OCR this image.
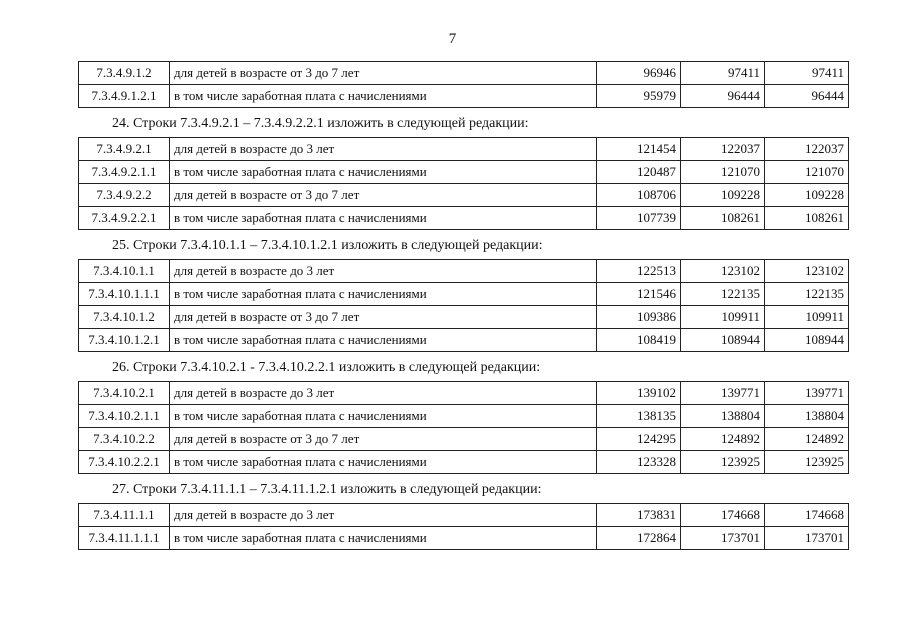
7
7.3.4.9.1.2	для детей в возрасте от 3 до 7 лет	96946	97411	97411
7.3.4.9.1.2.1	в том числе заработная плата с начислениями	95979	96444	96444
24. Строки 7.3.4.9.2.1 – 7.3.4.9.2.2.1 изложить в следующей редакции:
7.3.4.9.2.1	для детей в возрасте до 3 лет	121454	122037	122037
7.3.4.9.2.1.1	в том числе заработная плата с начислениями	120487	121070	121070
7.3.4.9.2.2	для детей в возрасте от 3 до 7 лет	108706	109228	109228
7.3.4.9.2.2.1	в том числе заработная плата с начислениями	107739	108261	108261
25. Строки 7.3.4.10.1.1 – 7.3.4.10.1.2.1 изложить в следующей редакции:
7.3.4.10.1.1	для детей в возрасте до 3 лет	122513	123102	123102
7.3.4.10.1.1.1	в том числе заработная плата с начислениями	121546	122135	122135
7.3.4.10.1.2	для детей в возрасте от 3 до 7 лет	109386	109911	109911
7.3.4.10.1.2.1	в том числе заработная плата с начислениями	108419	108944	108944
26. Строки 7.3.4.10.2.1 - 7.3.4.10.2.2.1 изложить в следующей редакции:
7.3.4.10.2.1	для детей в возрасте до 3 лет	139102	139771	139771
7.3.4.10.2.1.1	в том числе заработная плата с начислениями	138135	138804	138804
7.3.4.10.2.2	для детей в возрасте от 3 до 7 лет	124295	124892	124892
7.3.4.10.2.2.1	в том числе заработная плата с начислениями	123328	123925	123925
27. Строки 7.3.4.11.1.1 – 7.3.4.11.1.2.1 изложить в следующей редакции:
7.3.4.11.1.1	для детей в возрасте до 3 лет	173831	174668	174668
7.3.4.11.1.1.1	в том числе заработная плата с начислениями	172864	173701	173701
